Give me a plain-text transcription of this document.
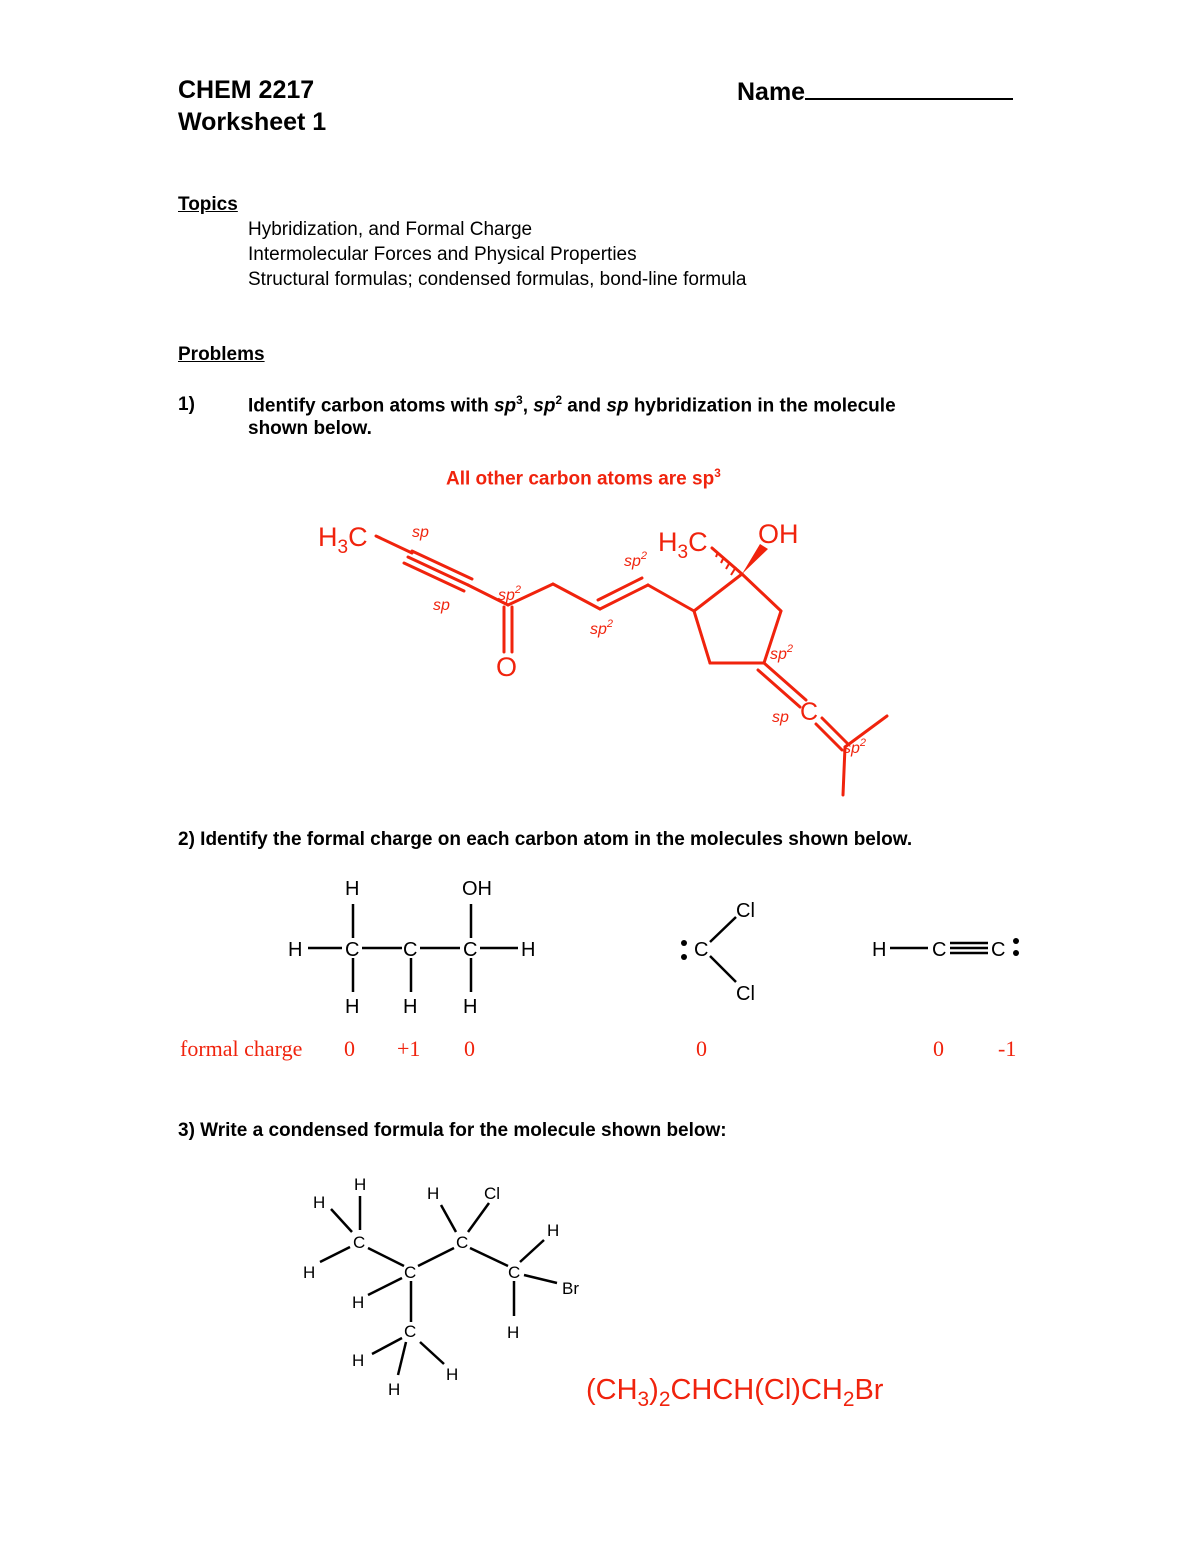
CHEM 2217
Worksheet 1
Name
Topics
Hybridization, and Formal Charge
Intermolecular Forces and Physical Properties
Structural formulas; condensed formulas, bond-line formula
Problems
1)	Identify carbon atoms with $sp^3$, $sp^2$ and sp hybridization in the molecule
shown below.
All other carbon atoms are $sp^3$
$H_3C$	$H_3C$ OH
O
C
sp
sp
$sp^2$
$sp^2$
$sp^2$
$sp^2$
sp
$sp^2$
2) Identify the formal charge on each carbon atom in the molecules shown below.
H C C C H
H	OH
H H H
C
Cl
Cl
H C C
formal charge 0 +1 0	0	0 -1
3) Write a condensed formula for the molecule shown below:
C
C
C
C
C
H
H
H
H
H	Cl
H
Br
H
H
H
H	$(CH_3)_2CHCH(Cl)CH_2Br$
